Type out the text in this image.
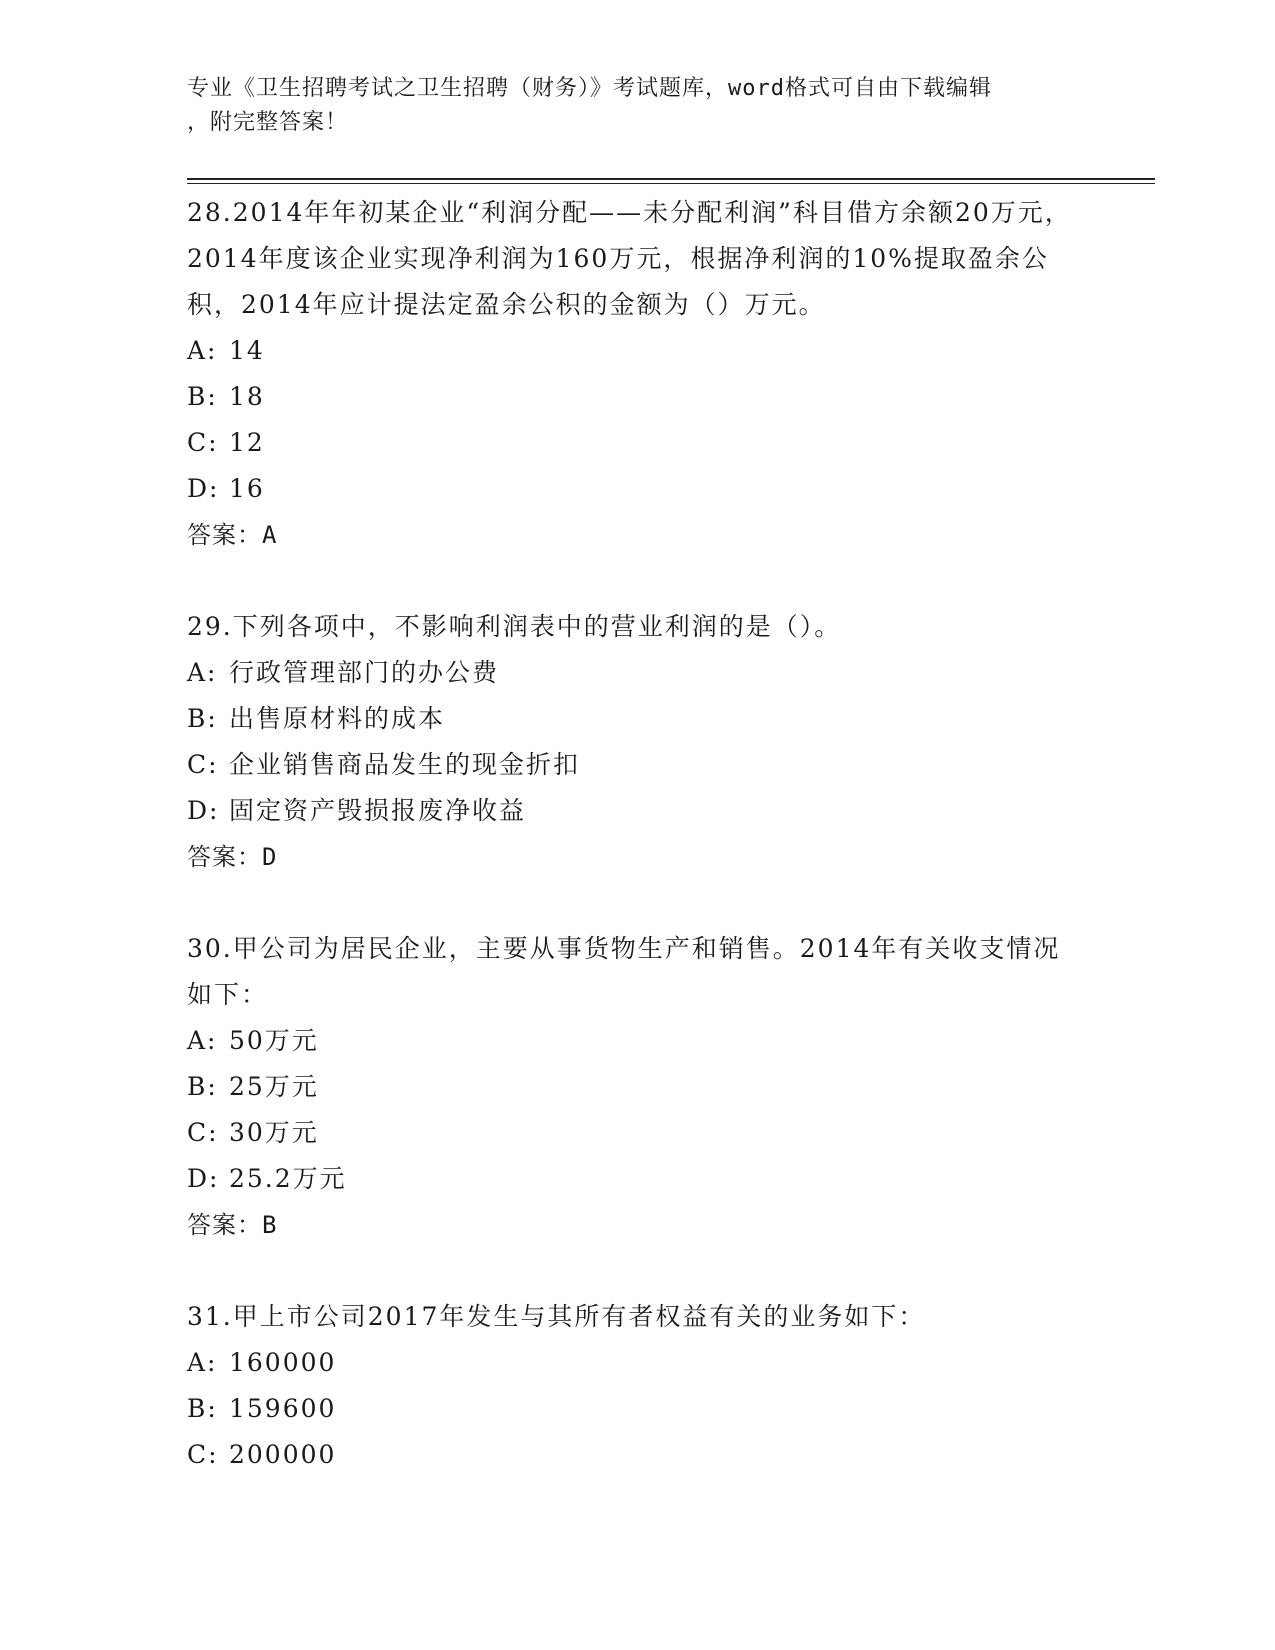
专业《卫生招聘考试之卫生招聘（财务）》考试题库，word格式可自由下载编辑
，附完整答案！

28.2014年年初某企业“利润分配——未分配利润”科目借方余额20万元，2014年度该企业实现净利润为160万元，根据净利润的10%提取盈余公积，2014年应计提法定盈余公积的金额为（）万元。

A: 14
B: 18
C: 12
D: 16

答案：A

29.下列各项中，不影响利润表中的营业利润的是（）。

A: 行政管理部门的办公费
B: 出售原材料的成本
C: 企业销售商品发生的现金折扣
D: 固定资产毁损报废净收益

答案：D

30.甲公司为居民企业，主要从事货物生产和销售。2014年有关收支情况如下：

A: 50万元
B: 25万元
C: 30万元
D: 25.2万元

答案：B

31.甲上市公司2017年发生与其所有者权益有关的业务如下：

A: 160000
B: 159600
C: 200000
